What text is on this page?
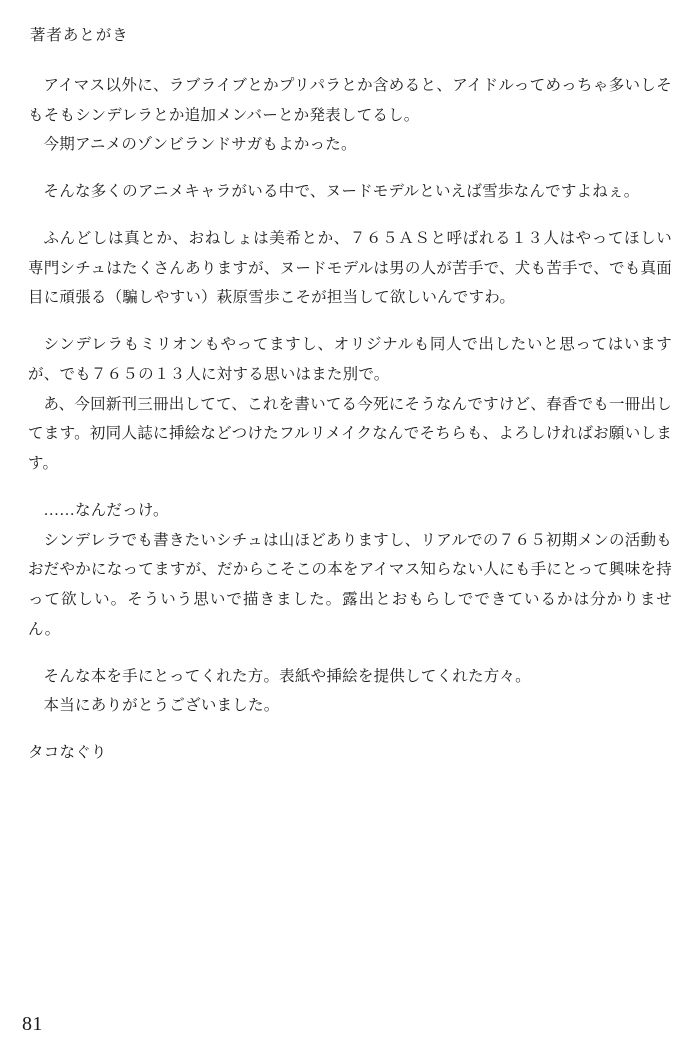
著者あとがき

アイマス以外に、ラブライブとかプリパラとか含めると、アイドルってめっちゃ多いしそもそもシンデレラとか追加メンバーとか発表してるし。

今期アニメのゾンビランドサガもよかった。

そんな多くのアニメキャラがいる中で、ヌードモデルといえば雪歩なんですよねぇ。

ふんどしは真とか、おねしょは美希とか、７６５ＡＳと呼ばれる１３人はやってほしい専門シチュはたくさんありますが、ヌードモデルは男の人が苦手で、犬も苦手で、でも真面目に頑張る（騙しやすい）萩原雪歩こそが担当して欲しいんですわ。

シンデレラもミリオンもやってますし、オリジナルも同人で出したいと思ってはいますが、でも７６５の１３人に対する思いはまた別で。

あ、今回新刊三冊出してて、これを書いてる今死にそうなんですけど、春香でも一冊出してます。初同人誌に挿絵などつけたフルリメイクなんでそちらも、よろしければお願いします。

……なんだっけ。

シンデレラでも書きたいシチュは山ほどありますし、リアルでの７６５初期メンの活動もおだやかになってますが、だからこそこの本をアイマス知らない人にも手にとって興味を持って欲しい。そういう思いで描きました。露出とおもらしでできているかは分かりません。

そんな本を手にとってくれた方。表紙や挿絵を提供してくれた方々。

本当にありがとうございました。

タコなぐり

81
